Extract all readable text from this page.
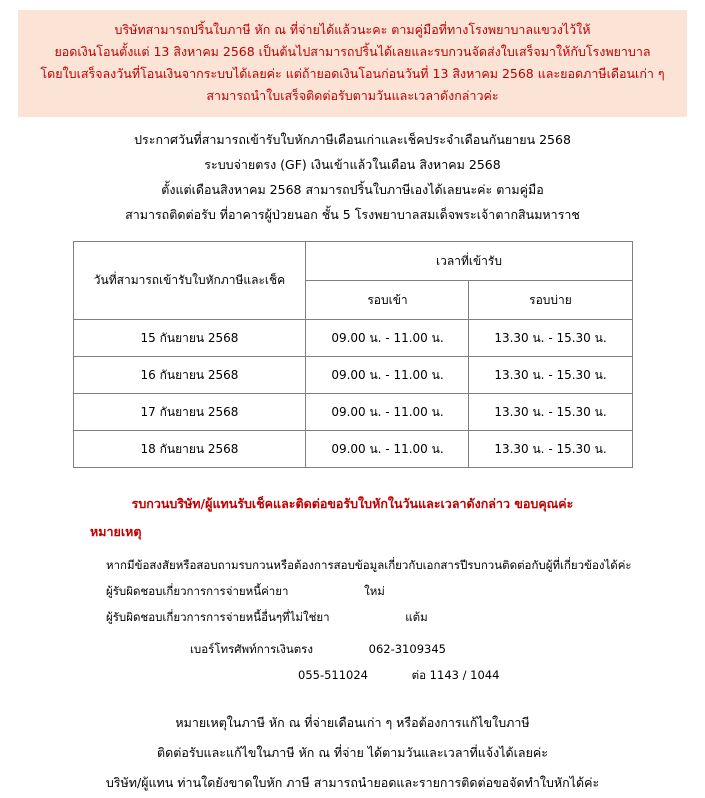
บริษัทสามารถปริ้นใบภาษี หัก ณ ที่จ่ายได้แล้วนะคะ ตามคู่มือที่ทางโรงพยาบาลแขวงไว้ให้

ยอดเงินโอนตั้งแต่ 13 สิงหาคม 2568 เป็นต้นไปสามารถปริ้นได้เลยและรบกวนจัดส่งใบเสร็จมาให้กับโรงพยาบาล

โดยใบเสร็จลงวันที่โอนเงินจากระบบได้เลยค่ะ แต่ถ้ายอดเงินโอนก่อนวันที่ 13 สิงหาคม 2568 และยอดภาษีเดือนเก่า ๆ

สามารถนำใบเสร็จติดต่อรับตามวันและเวลาดังกล่าวค่ะ

ประกาศวันที่สามารถเข้ารับใบหักภาษีเดือนเก่าและเช็คประจำเดือนกันยายน 2568

ระบบจ่ายตรง (GF) เงินเข้าแล้วในเดือน สิงหาคม 2568

ตั้งแต่เดือนสิงหาคม 2568 สามารถปริ้นใบภาษีเองได้เลยนะค่ะ ตามคู่มือ

สามารถติดต่อรับ ที่อาคารผู้ป่วยนอก ชั้น 5 โรงพยาบาลสมเด็จพระเจ้าตากสินมหาราช

วันที่สามารถเข้ารับใบหักภาษีและเช็ค	เวลาที่เข้ารับ	
	รอบเข้า	รอบบ่าย
15 กันยายน 2568	09.00 น. - 11.00 น.	13.30 น. - 15.30 น.
16 กันยายน 2568	09.00 น. - 11.00 น.	13.30 น. - 15.30 น.
17 กันยายน 2568	09.00 น. - 11.00 น.	13.30 น. - 15.30 น.
18 กันยายน 2568	09.00 น. - 11.00 น.	13.30 น. - 15.30 น.
รบกวนบริษัท/ผู้แทนรับเช็คและติดต่อขอรับใบหักในวันและเวลาดังกล่าว ขอบคุณค่ะ
หมายเหตุ
หากมีข้อสงสัยหรือสอบถามรบกวนหรือต้องการสอบข้อมูลเกี่ยวกับเอกสารปีรบกวนติดต่อกับผู้ที่เกี่ยวข้องได้ค่ะ
ผู้รับผิดชอบเกี่ยวการการจ่ายหนี้ค่ายา	ใหม่
ผู้รับผิดชอบเกี่ยวการการจ่ายหนี้อื่นๆที่ไม่ใช่ยา	แต้ม
เบอร์โทรศัพท์การเงินตรง	062-3109345
055-511024	ต่อ 1143 / 1044

หมายเหตุในภาษี หัก ณ ที่จ่ายเดือนเก่า ๆ หรือต้องการแก้ไขใบภาษี

ติดต่อรับและแก้ไขในภาษี หัก ณ ที่จ่าย ได้ตามวันและเวลาที่แจ้งได้เลยค่ะ

บริษัท/ผู้แทน ท่านใดยังขาดใบหัก ภาษี สามารถนำยอดและรายการติดต่อขอจัดทำใบหักได้ค่ะ
